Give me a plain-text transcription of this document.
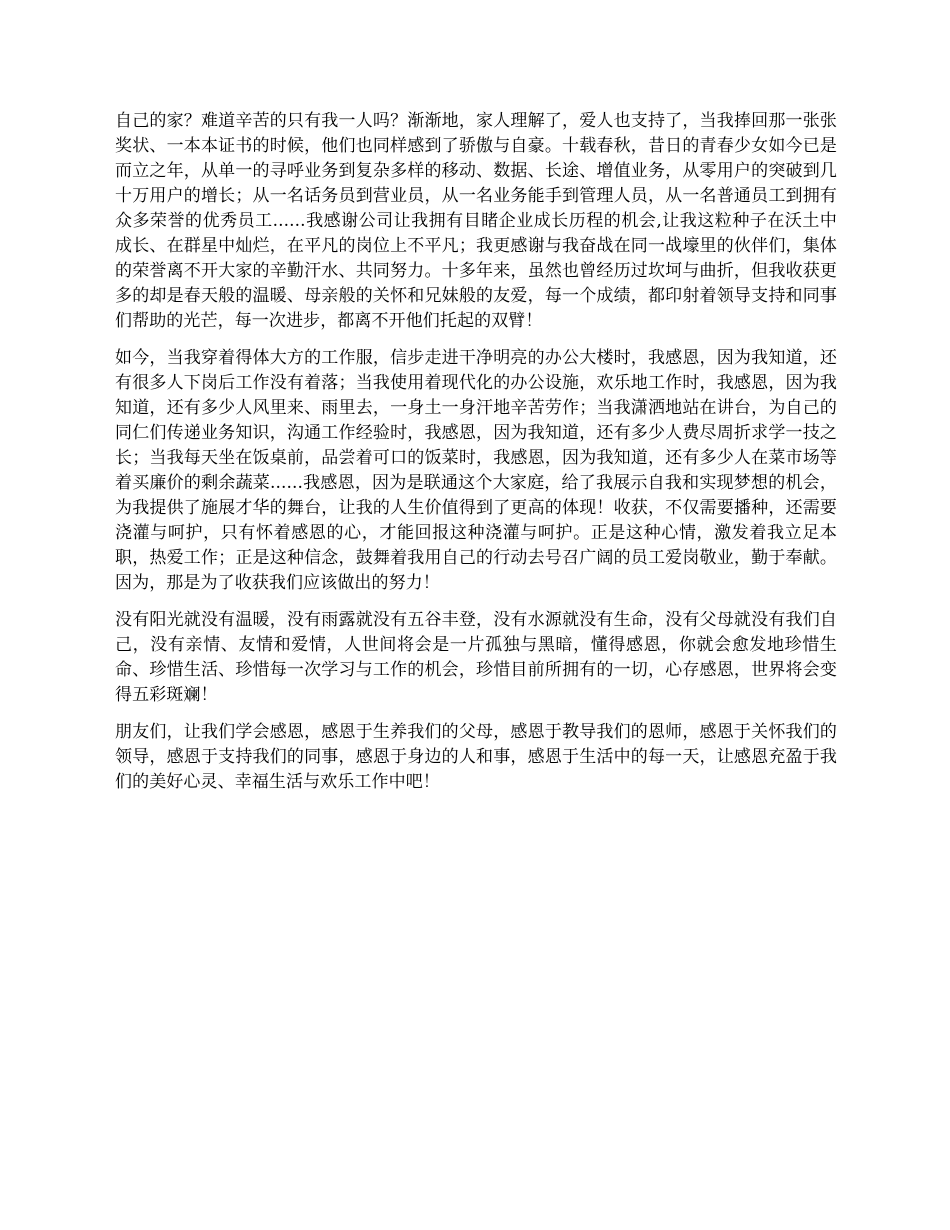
自己的家？难道辛苦的只有我一人吗？渐渐地，家人理解了，爱人也支持了，当我捧回那一张张奖状、一本本证书的时候，他们也同样感到了骄傲与自豪。十载春秋，昔日的青春少女如今已是而立之年，从单一的寻呼业务到复杂多样的移动、数据、长途、增值业务，从零用户的突破到几十万用户的增长；从一名话务员到营业员，从一名业务能手到管理人员，从一名普通员工到拥有众多荣誉的优秀员工......我感谢公司让我拥有目睹企业成长历程的机会,让我这粒种子在沃土中成长、在群星中灿烂，在平凡的岗位上不平凡；我更感谢与我奋战在同一战壕里的伙伴们，集体的荣誉离不开大家的辛勤汗水、共同努力。十多年来，虽然也曾经历过坎坷与曲折，但我收获更多的却是春天般的温暖、母亲般的关怀和兄妹般的友爱，每一个成绩，都印射着领导支持和同事们帮助的光芒，每一次进步，都离不开他们托起的双臂！

如今，当我穿着得体大方的工作服，信步走进干净明亮的办公大楼时，我感恩，因为我知道，还有很多人下岗后工作没有着落；当我使用着现代化的办公设施，欢乐地工作时，我感恩，因为我知道，还有多少人风里来、雨里去，一身土一身汗地辛苦劳作；当我潇洒地站在讲台，为自己的同仁们传递业务知识，沟通工作经验时，我感恩，因为我知道，还有多少人费尽周折求学一技之长；当我每天坐在饭桌前，品尝着可口的饭菜时，我感恩，因为我知道，还有多少人在菜市场等着买廉价的剩余蔬菜......我感恩，因为是联通这个大家庭，给了我展示自我和实现梦想的机会，为我提供了施展才华的舞台，让我的人生价值得到了更高的体现！收获，不仅需要播种，还需要浇灌与呵护，只有怀着感恩的心，才能回报这种浇灌与呵护。正是这种心情，激发着我立足本职，热爱工作；正是这种信念，鼓舞着我用自己的行动去号召广阔的员工爱岗敬业，勤于奉献。因为，那是为了收获我们应该做出的努力！

没有阳光就没有温暖，没有雨露就没有五谷丰登，没有水源就没有生命，没有父母就没有我们自己，没有亲情、友情和爱情，人世间将会是一片孤独与黑暗，懂得感恩，你就会愈发地珍惜生命、珍惜生活、珍惜每一次学习与工作的机会，珍惜目前所拥有的一切，心存感恩，世界将会变得五彩斑斓！

朋友们，让我们学会感恩，感恩于生养我们的父母，感恩于教导我们的恩师，感恩于关怀我们的领导，感恩于支持我们的同事，感恩于身边的人和事，感恩于生活中的每一天，让感恩充盈于我们的美好心灵、幸福生活与欢乐工作中吧！
